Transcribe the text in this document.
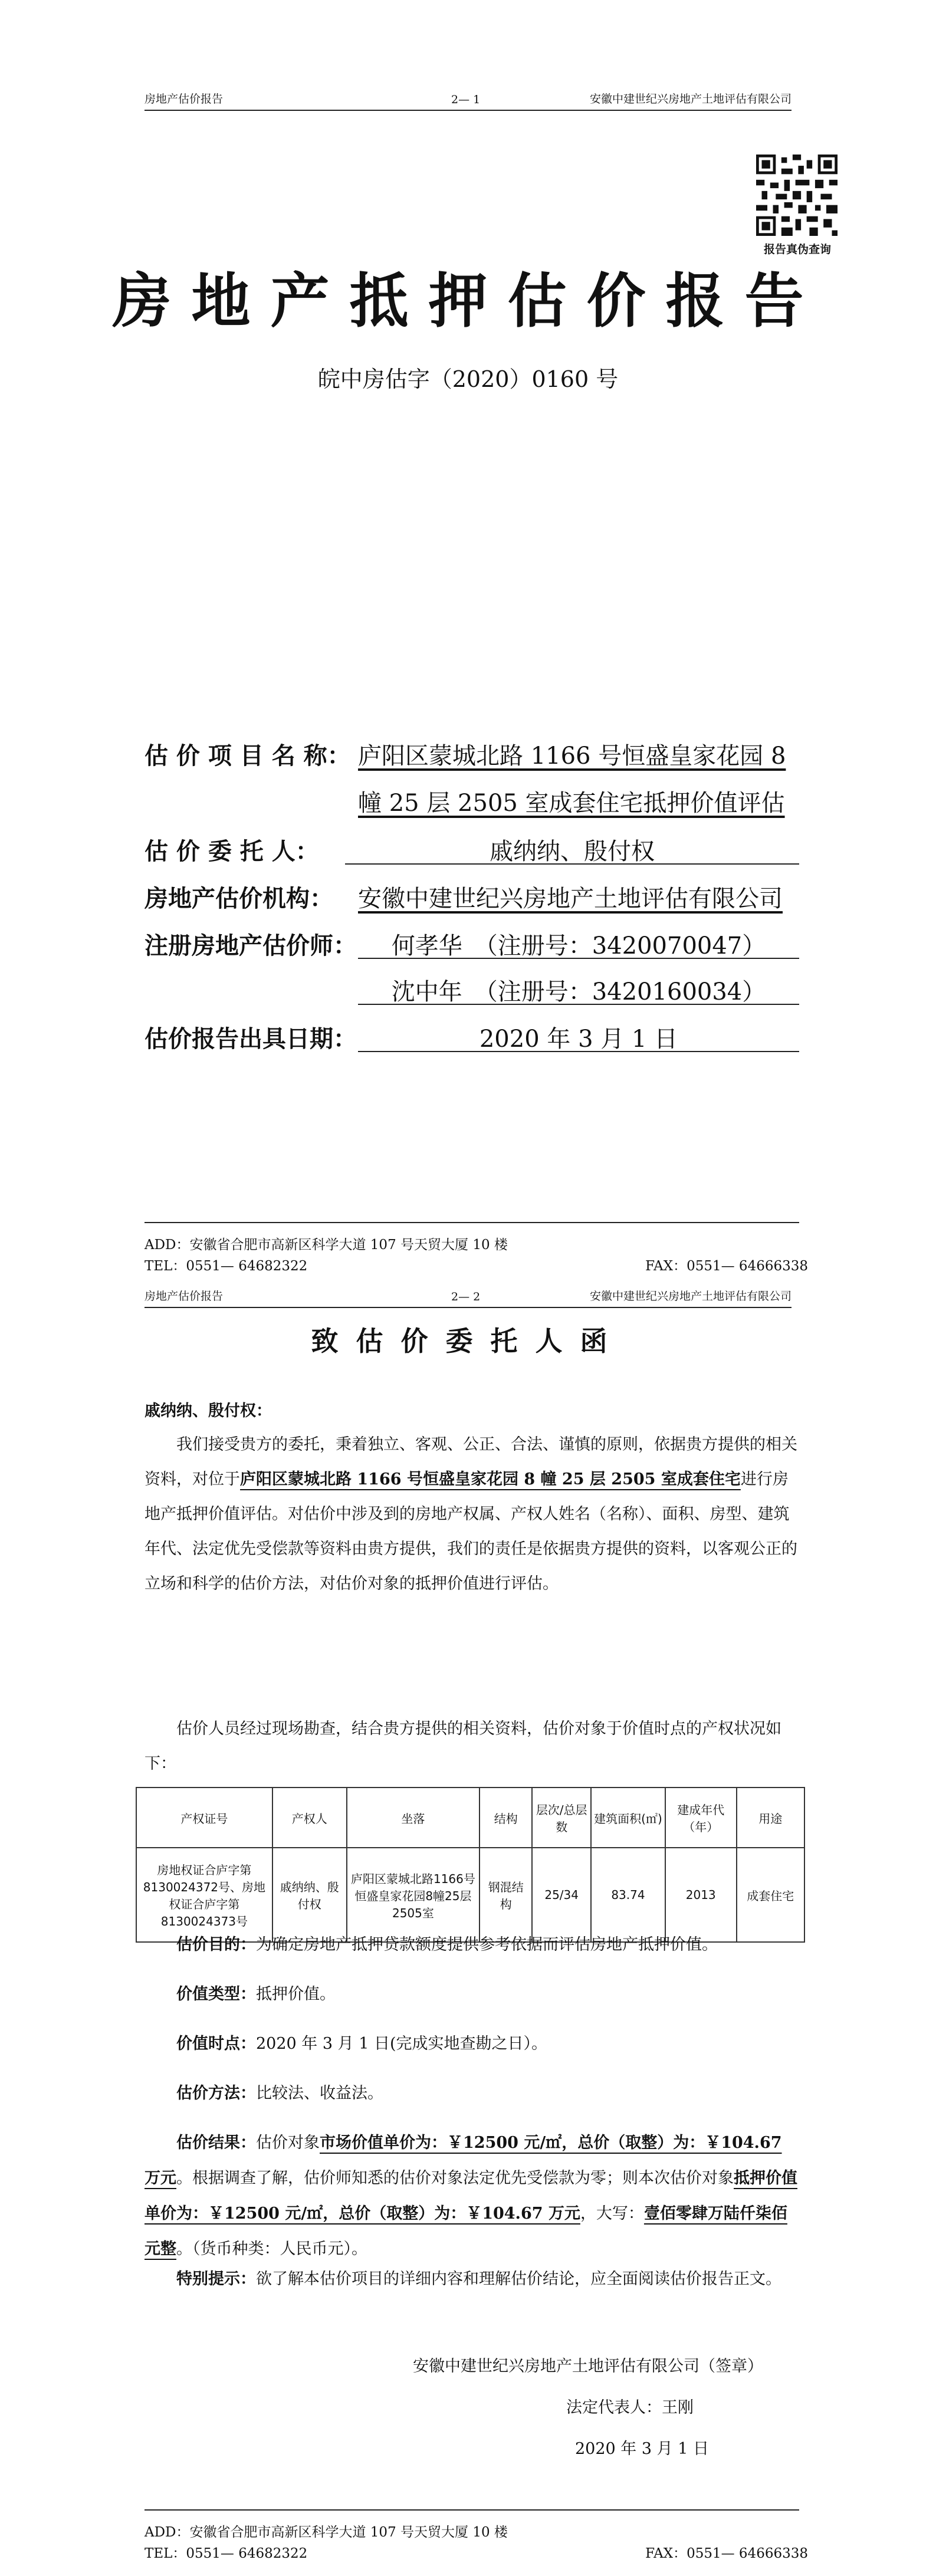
房地产估价报告	2— 1	安徽中建世纪兴房地产土地评估有限公司
报告真伪查询
房地产抵押估价报告
皖中房估字（2020）0160 号
估 价 项 目 名 称： 庐阳区蒙城北路 1166 号恒盛皇家花园 8
幢 25 层 2505 室成套住宅抵押价值评估
估 价 委 托 人：	戚纳纳、殷付权
房地产估价机构：	安徽中建世纪兴房地产土地评估有限公司
注册房地产估价师：	何孝华　（注册号：3420070047）
沈中年　（注册号：3420160034）
估价报告出具日期：	2020 年 3 月 1 日
ADD：安徽省合肥市高新区科学大道 107 号天贸大厦 10 楼
TEL：0551— 64682322	FAX：0551— 64666338
房地产估价报告	2— 2	安徽中建世纪兴房地产土地评估有限公司
致估价委托人函
戚纳纳、殷付权：
我们接受贵方的委托，秉着独立、客观、公正、合法、谨慎的原则，依据贵方提供的相关资料，对位于庐阳区蒙城北路 1166 号恒盛皇家花园 8 幢 25 层 2505 室成套住宅进行房地产抵押价值评估。对估价中涉及到的房地产权属、产权人姓名（名称）、面积、房型、建筑年代、法定优先受偿款等资料由贵方提供，我们的责任是依据贵方提供的资料，以客观公正的立场和科学的估价方法，对估价对象的抵押价值进行评估。
估价人员经过现场勘查，结合贵方提供的相关资料，估价对象于价值时点的产权状况如下：
产权证号	产权人	坐落	结构	层次/总层数	建筑面积(㎡)	建成年代（年）	用途
房地权证合庐字第8130024372号、房地权证合庐字第8130024373号	戚纳纳、殷付权	庐阳区蒙城北路1166号恒盛皇家花园8幢25层2505室	钢混结构	25/34	83.74	2013	成套住宅
估价目的：为确定房地产抵押贷款额度提供参考依据而评估房地产抵押价值。
价值类型：抵押价值。
价值时点：2020 年 3 月 1 日(完成实地查勘之日）。
估价方法：比较法、收益法。
估价结果：估价对象市场价值单价为：￥12500 元/㎡，总价（取整）为：￥104.67 万元。根据调查了解，估价师知悉的估价对象法定优先受偿款为零；则本次估价对象抵押价值单价为：￥12500 元/㎡，总价（取整）为：￥104.67 万元，大写：壹佰零肆万陆仟柒佰元整。（货币种类：人民币元）。
特别提示：欲了解本估价项目的详细内容和理解估价结论，应全面阅读估价报告正文。
安徽中建世纪兴房地产土地评估有限公司（签章）
法定代表人：王刚
2020 年 3 月 1 日
ADD：安徽省合肥市高新区科学大道 107 号天贸大厦 10 楼
TEL：0551— 64682322	FAX：0551— 64666338
